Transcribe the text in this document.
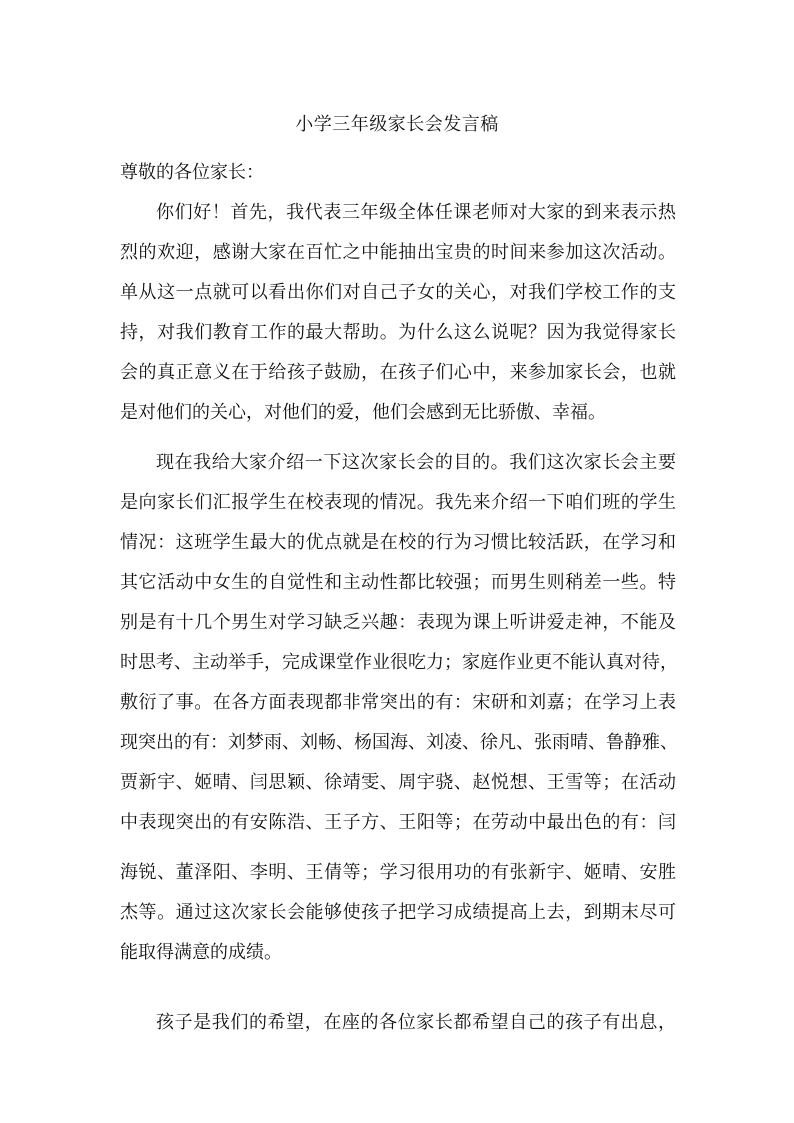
小学三年级家长会发言稿
尊敬的各位家长：
你们好！首先，我代表三年级全体任课老师对大家的到来表示热
烈的欢迎，感谢大家在百忙之中能抽出宝贵的时间来参加这次活动。
单从这一点就可以看出你们对自己子女的关心，对我们学校工作的支
持，对我们教育工作的最大帮助。为什么这么说呢？因为我觉得家长
会的真正意义在于给孩子鼓励，在孩子们心中，来参加家长会，也就
是对他们的关心，对他们的爱，他们会感到无比骄傲、幸福。
现在我给大家介绍一下这次家长会的目的。我们这次家长会主要
是向家长们汇报学生在校表现的情况。我先来介绍一下咱们班的学生
情况：这班学生最大的优点就是在校的行为习惯比较活跃，在学习和
其它活动中女生的自觉性和主动性都比较强；而男生则稍差一些。特
别是有十几个男生对学习缺乏兴趣：表现为课上听讲爱走神，不能及
时思考、主动举手，完成课堂作业很吃力；家庭作业更不能认真对待，
敷衍了事。在各方面表现都非常突出的有：宋研和刘嘉；在学习上表
现突出的有：刘梦雨、刘畅、杨国海、刘凌、徐凡、张雨晴、鲁静雅、
贾新宇、姬晴、闫思颖、徐靖雯、周宇骁、赵悦想、王雪等；在活动
中表现突出的有安陈浩、王子方、王阳等；在劳动中最出色的有：闫
海锐、董泽阳、李明、王倩等；学习很用功的有张新宇、姬晴、安胜
杰等。通过这次家长会能够使孩子把学习成绩提高上去，到期末尽可
能取得满意的成绩。
孩子是我们的希望，在座的各位家长都希望自己的孩子有出息，
